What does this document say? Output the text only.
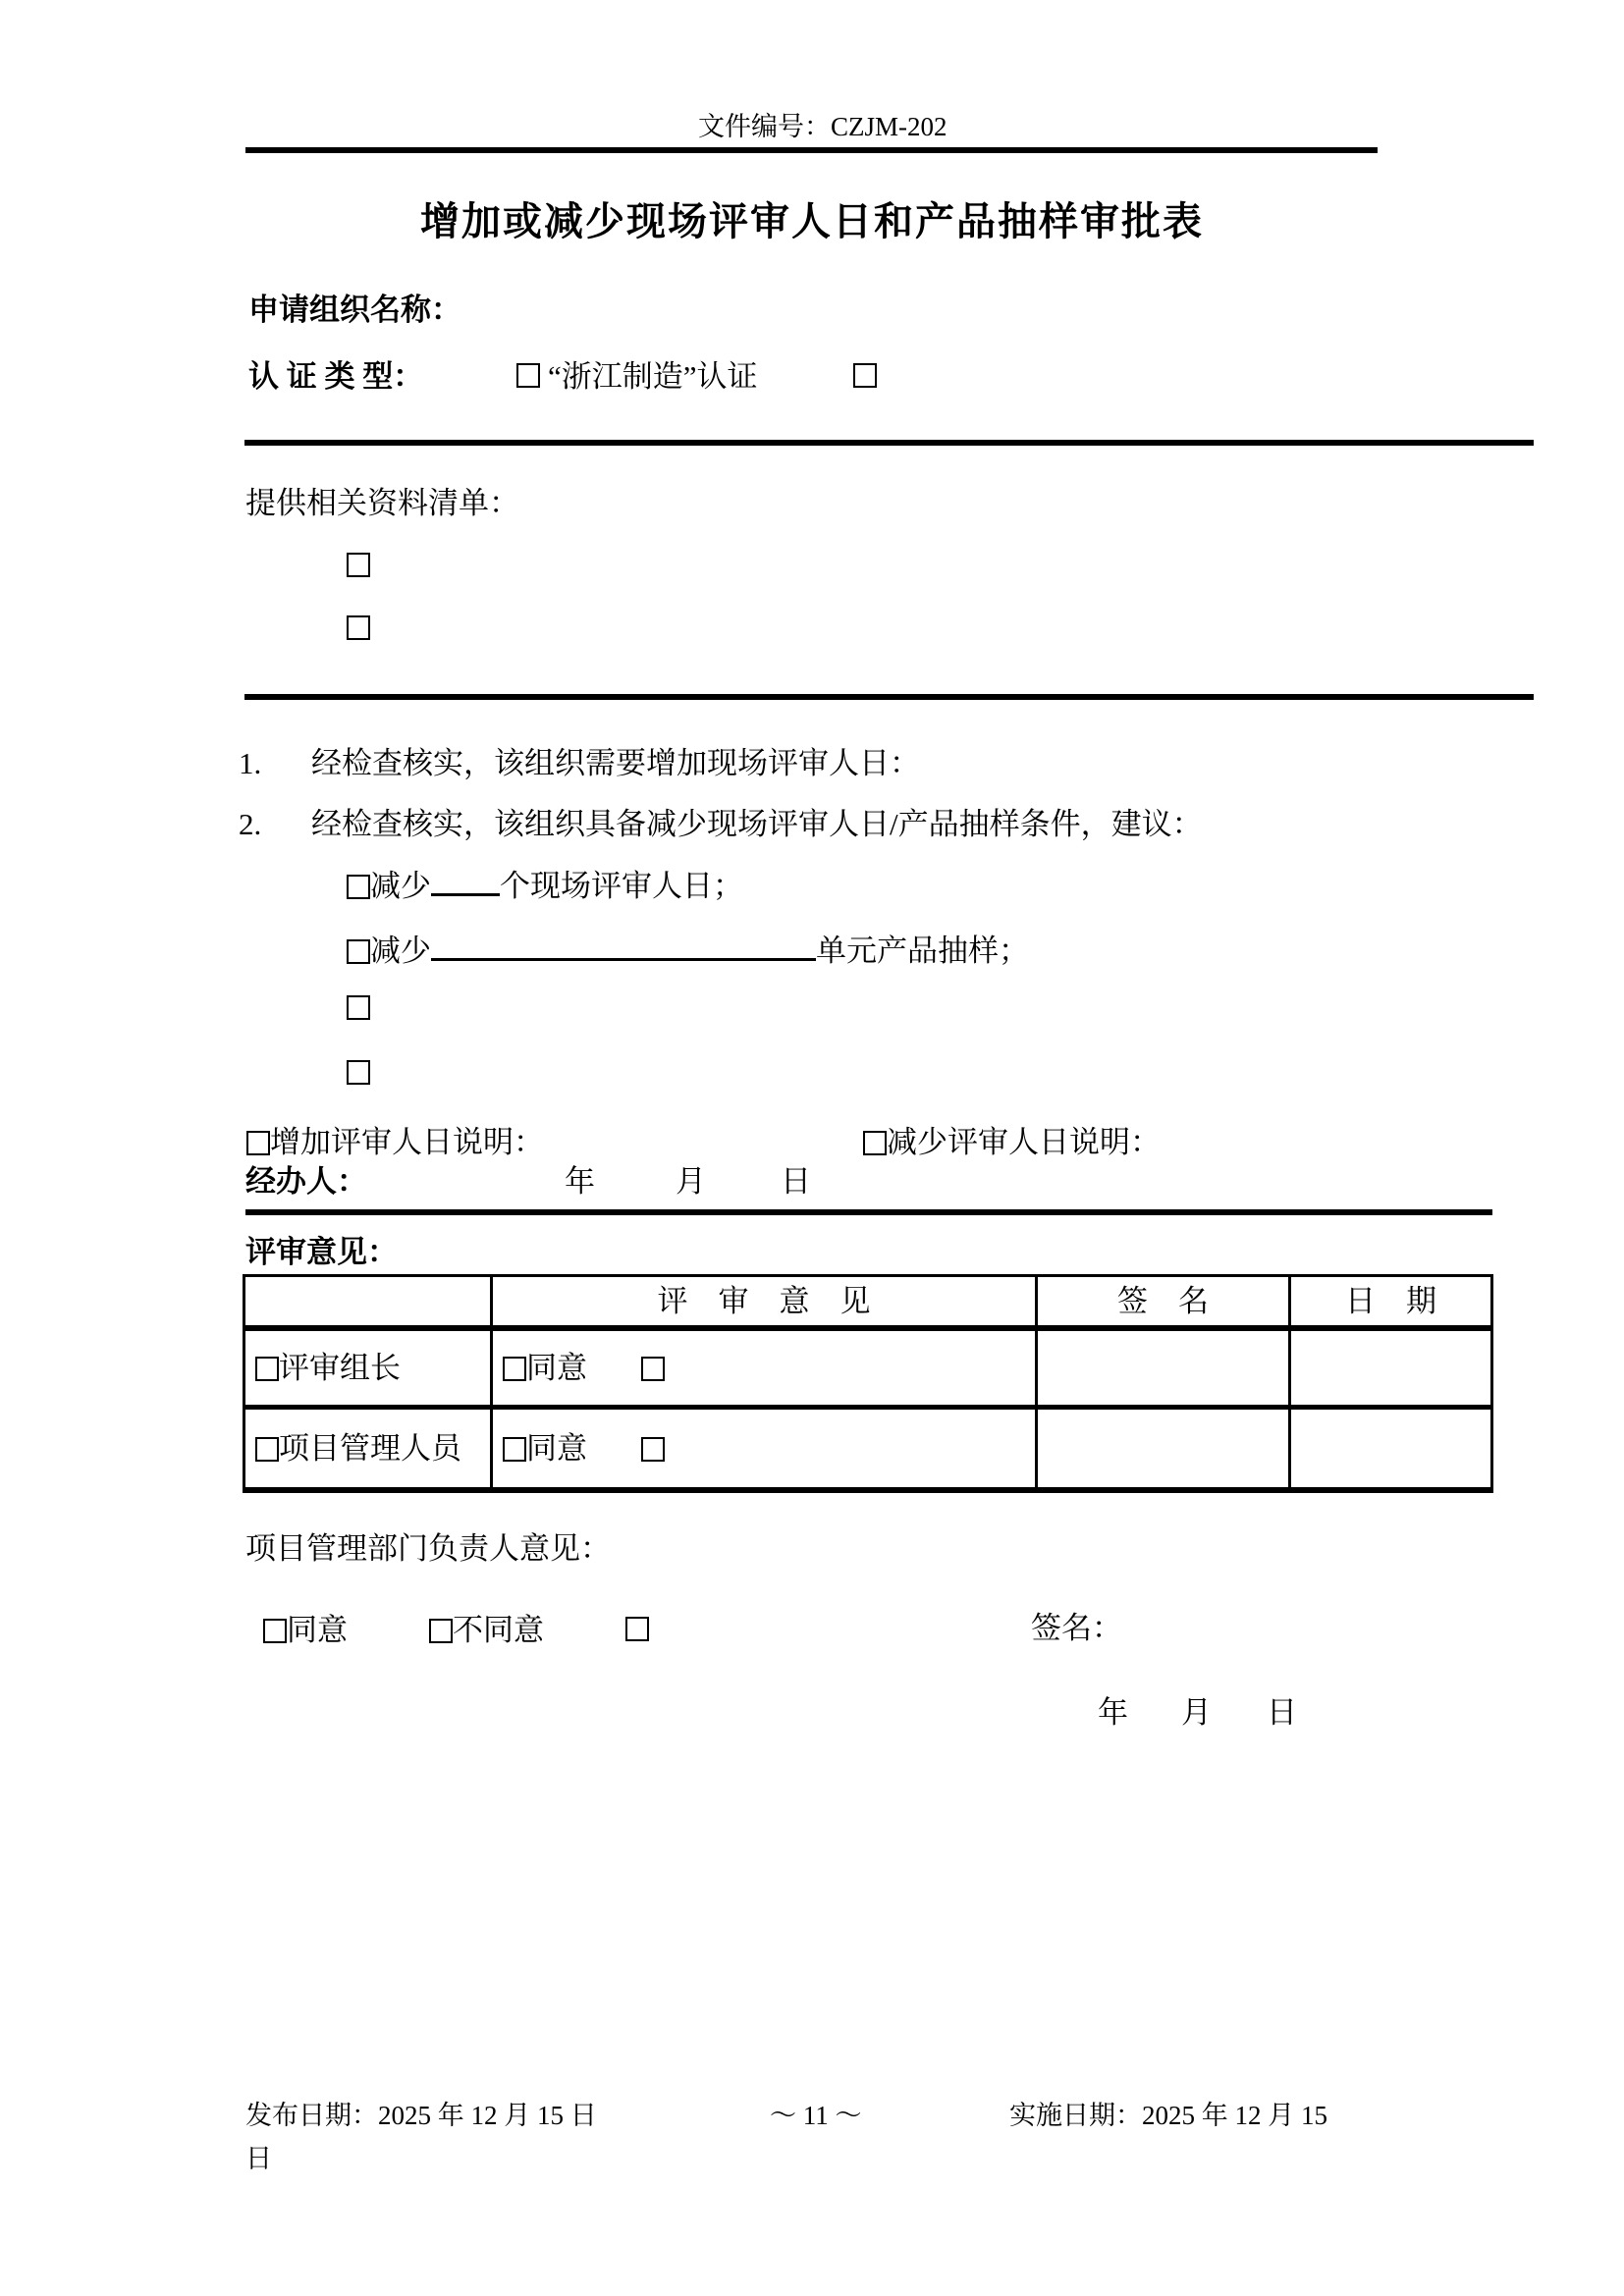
文件编号：CZJM-202
增加或减少现场评审人日和产品抽样审批表
申请组织名称：
认 证 类 型：	“浙江制造”认证
提供相关资料清单：
1. 经检查核实，该组织需要增加现场评审人日：
2. 经检查核实，该组织具备减少现场评审人日/产品抽样条件，建议：
减少 个现场评审人日；
减少	单元产品抽样；
增加评审人日说明：	减少评审人日说明：
经办人：	年	月 日
评审意见：
	评　审　意　见	签　名	日　期
评审组长	同意		
项目管理人员	同意		
项目管理部门负责人意见：
同意	不同意	签名：
年 月 日
发布日期：2025 年 12 月 15 日	～ 11 ～	实施日期：2025 年 12 月 15
日
